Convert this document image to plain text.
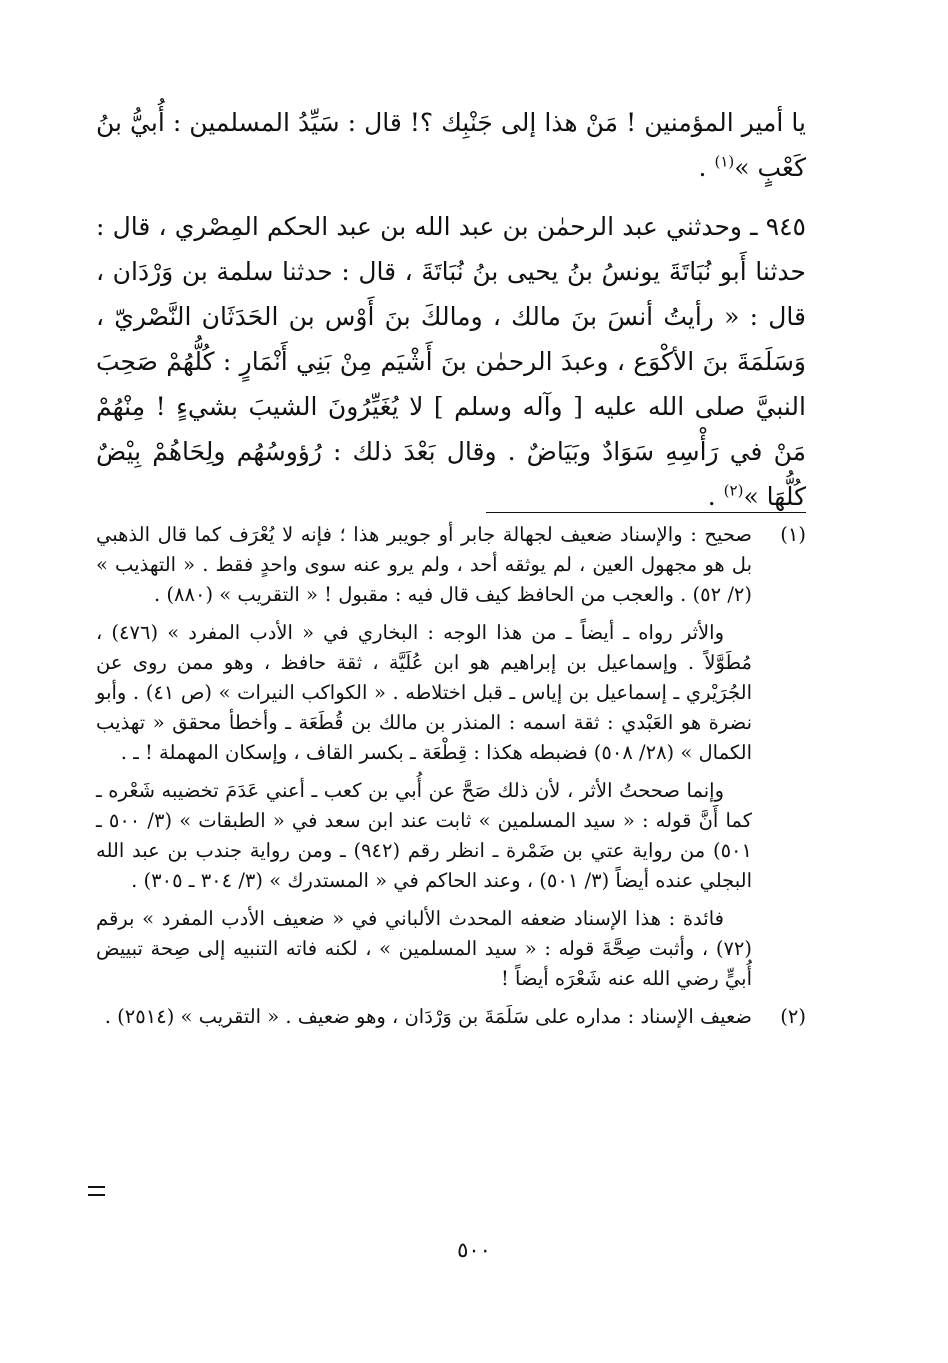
يا أمير المؤمنين ! مَنْ هذا إلى جَنْبِك ؟! قال : سَيِّدُ المسلمين : أُبيُّ بنُ كَعْبٍ »$^{(١)}$ .

٩٤٥ ـ وحدثني عبد الرحمٰن بن عبد الله بن عبد الحكم المِصْري ، قال : حدثنا أَبو نُبَاتَةَ يونسُ بنُ يحيى بنُ نُبَاتَةَ ، قال : حدثنا سلمة بن وَرْدَان ، قال : « رأيتُ أنسَ بنَ مالك ، ومالكَ بنَ أَوْس بن الحَدَثَان النَّصْريّ ، وَسَلَمَةَ بنَ الأكْوَع ، وعبدَ الرحمٰن بنَ أَشْيَم مِنْ بَنِي أَنْمَارٍ : كُلُّهُمْ صَحِبَ النبيَّ صلى الله عليه [ وآله وسلم ] لا يُغَيِّرُونَ الشيبَ بشيءٍ ! مِنْهُمْ مَنْ في رَأْسِهِ سَوَادٌ وبَيَاضٌ . وقال بَعْدَ ذلك : رُؤوسُهُم ولِحَاهُمْ بِيْضٌ كُلُّهَا »$^{(٢)}$ .

(١)

صحيح : والإسناد ضعيف لجهالة جابر أو جويبر هذا ؛ فإنه لا يُعْرَف كما قال الذهبي بل هو مجهول العين ، لم يوثقه أحد ، ولم يرو عنه سوى واحدٍ فقط . « التهذيب » (٢/ ٥٢) . والعجب من الحافظ كيف قال فيه : مقبول ! « التقريب » (٨٨٠) .

والأثر رواه ـ أيضاً ـ من هذا الوجه : البخاري في « الأدب المفرد » (٤٧٦) ، مُطَوَّلاً . وإسماعيل بن إبراهيم هو ابن عُلَيَّة ، ثقة حافظ ، وهو ممن روى عن الجُرَيْري ـ إسماعيل بن إياس ـ قبل اختلاطه . « الكواكب النيرات » (ص ٤١) . وأبو نضرة هو العَبْدي : ثقة اسمه : المنذر بن مالك بن قُطَعَة ـ وأخطأ محقق « تهذيب الكمال » (٢٨/ ٥٠٨) فضبطه هكذا : قِطْعَة ـ بكسر القاف ، وإسكان المهملة ! ـ .

وإنما صححتُ الأثر ، لأن ذلك صَحَّ عن أُبي بن كعب ـ أعني عَدَمَ تخضيبه شَعْره ـ كما أَنَّ قوله : « سيد المسلمين » ثابت عند ابن سعد في « الطبقات » (٣/ ٥٠٠ ـ ٥٠١) من رواية عتي بن ضَمْرة ـ انظر رقم (٩٤٢) ـ ومن رواية جندب بن عبد الله البجلي عنده أيضاً (٣/ ٥٠١) ، وعند الحاكم في « المستدرك » (٣/ ٣٠٤ ـ ٣٠٥) .

فائدة : هذا الإسناد ضعفه المحدث الألباني في « ضعيف الأدب المفرد » برقم (٧٢) ، وأثبت صِحَّةَ قوله : « سيد المسلمين » ، لكنه فاته التنبيه إلى صِحة تبييض أُبيٍّ رضي الله عنه شَعْرَه أيضاً !

(٢)

ضعيف الإسناد : مداره على سَلَمَةَ بن وَرْدَان ، وهو ضعيف . « التقريب » (٢٥١٤) .

٥٠٠
